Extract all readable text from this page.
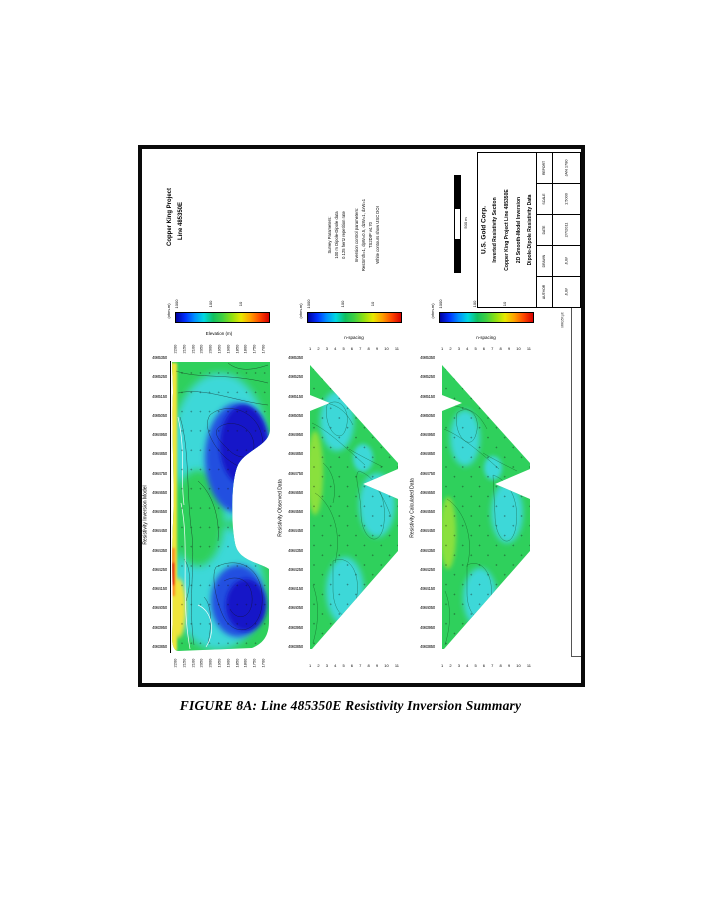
Copper King Project Line 485350E	Survey Parameters: 100 m Dipole-Dipole data 0.125 hertz repetition rate Inversion control parameters: ResSmth=1, dpW=0.5, dzW=1, dxW=1 TS2DIP v4.70 White contours show USC DOI	500 m U.S. Gold Corp. Inverted Resistivity Section Copper King Project Line 485350E 2D Smooth-Model Inversion Dipole-Dipole Resistivity Data
REPORT	JAN 1780
SCALE	1:5000
DATE	2/7/2011
DRAWN	JLW
AUTHOR	JLW
MRG5F.plt
1000	100	10
(ohm-m)	1000	100	10
(ohm-m)	1000	100	10
(ohm-m)
Elevation (m)
n-spacing	n-spacing
Resistivity Inversion Model	Resistivity Observed Data	Resistivity Calculated Data
2200 2150 2100 2050 2000 1950 1900 1850 1800 1750 1700
2200 2150 2100 2050 2000 1950 1900 1850 1800 1750 1700
1 2 3 4 5 6 7 8 9 10 11
1 2 3 4 5 6 7 8 9 10 11
1 2 3 4 5 6 7 8 9 10 11
1 2 3 4 5 6 7 8 9 10 11
4985350
4985250
4985150
4985050
4984950
4984850
4984750
4984650
4984550
4984450
4984350
4984250
4984150
4984050
4983950
4983850
4985350
4985250
4985150
4985050
4984950
4984850
4984750
4984650
4984550
4984450
4984350
4984250
4984150
4984050
4983950
4983850
4985350
4985250
4985150
4985050
4984950
4984850
4984750
4984650
4984550
4984450
4984350
4984250
4984150
4984050
4983950
4983850
FIGURE 8A: Line 485350E Resistivity Inversion Summary
